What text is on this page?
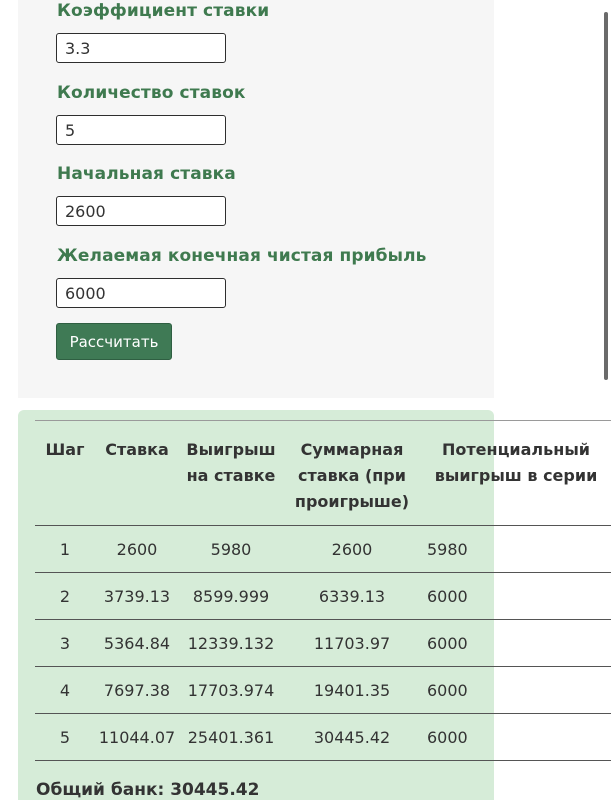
Коэффициент ставки
3.3
Количество ставок
5
Начальная ставка
2600
Желаемая конечная чистая прибыль
6000
Рассчитать
Шаг	Ставка	Выигрыш на ставке	Суммарная ставка (при проигрыше)	Потенциальный выигрыш в серии
1	2600	5980	2600	5980
2	3739.13	8599.999	6339.13	6000
3	5364.84	12339.132	11703.97	6000
4	7697.38	17703.974	19401.35	6000
5	11044.07	25401.361	30445.42	6000
Общий банк: 30445.42
